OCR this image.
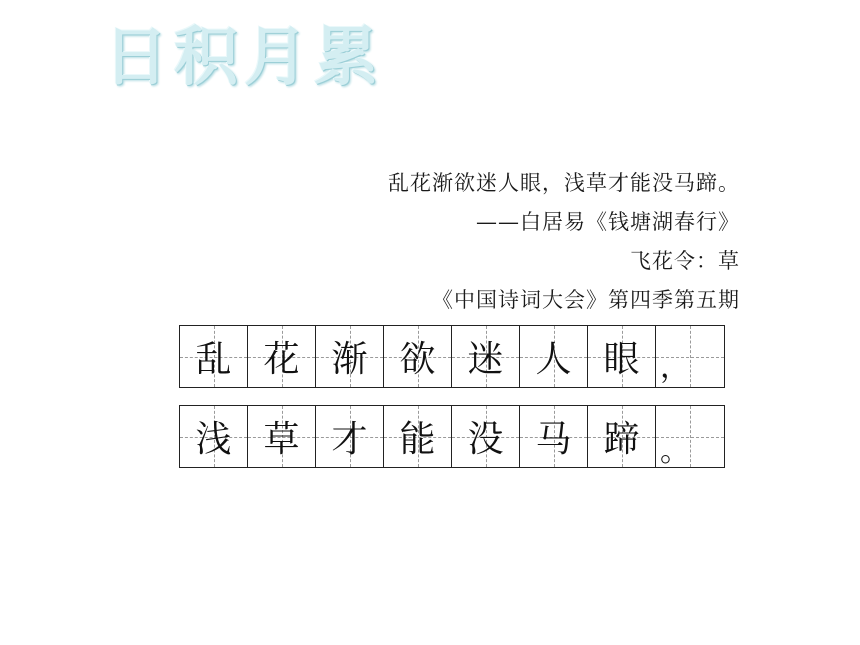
日积月累
乱花渐欲迷人眼，浅草才能没马蹄。
——白居易《钱塘湖春行》
飞花令：草
《中国诗词大会》第四季第五期
乱 花 渐 欲 迷 人 眼 ，
浅 草 才 能 没 马 蹄 。
